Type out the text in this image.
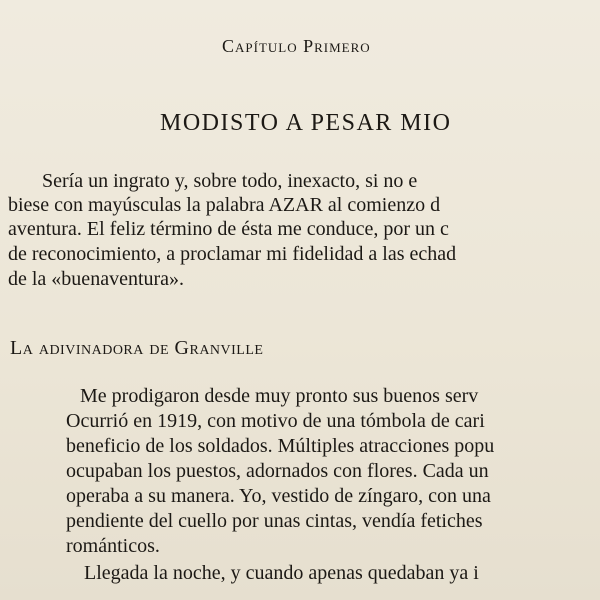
Capítulo Primero
MODISTO A PESAR MIO
Sería un ingrato y, sobre todo, inexacto, si no e
biese con mayúsculas la palabra AZAR al comienzo d
aventura. El feliz término de ésta me conduce, por un c
de reconocimiento, a proclamar mi fidelidad a las echad
de la «buenaventura».
La adivinadora de Granville
Me prodigaron desde muy pronto sus buenos serv
Ocurrió en 1919, con motivo de una tómbola de cari
beneficio de los soldados. Múltiples atracciones popu
ocupaban los puestos, adornados con flores. Cada un
operaba a su manera. Yo, vestido de zíngaro, con una
pendiente del cuello por unas cintas, vendía fetiches
románticos.
Llegada la noche, y cuando apenas quedaban ya i
